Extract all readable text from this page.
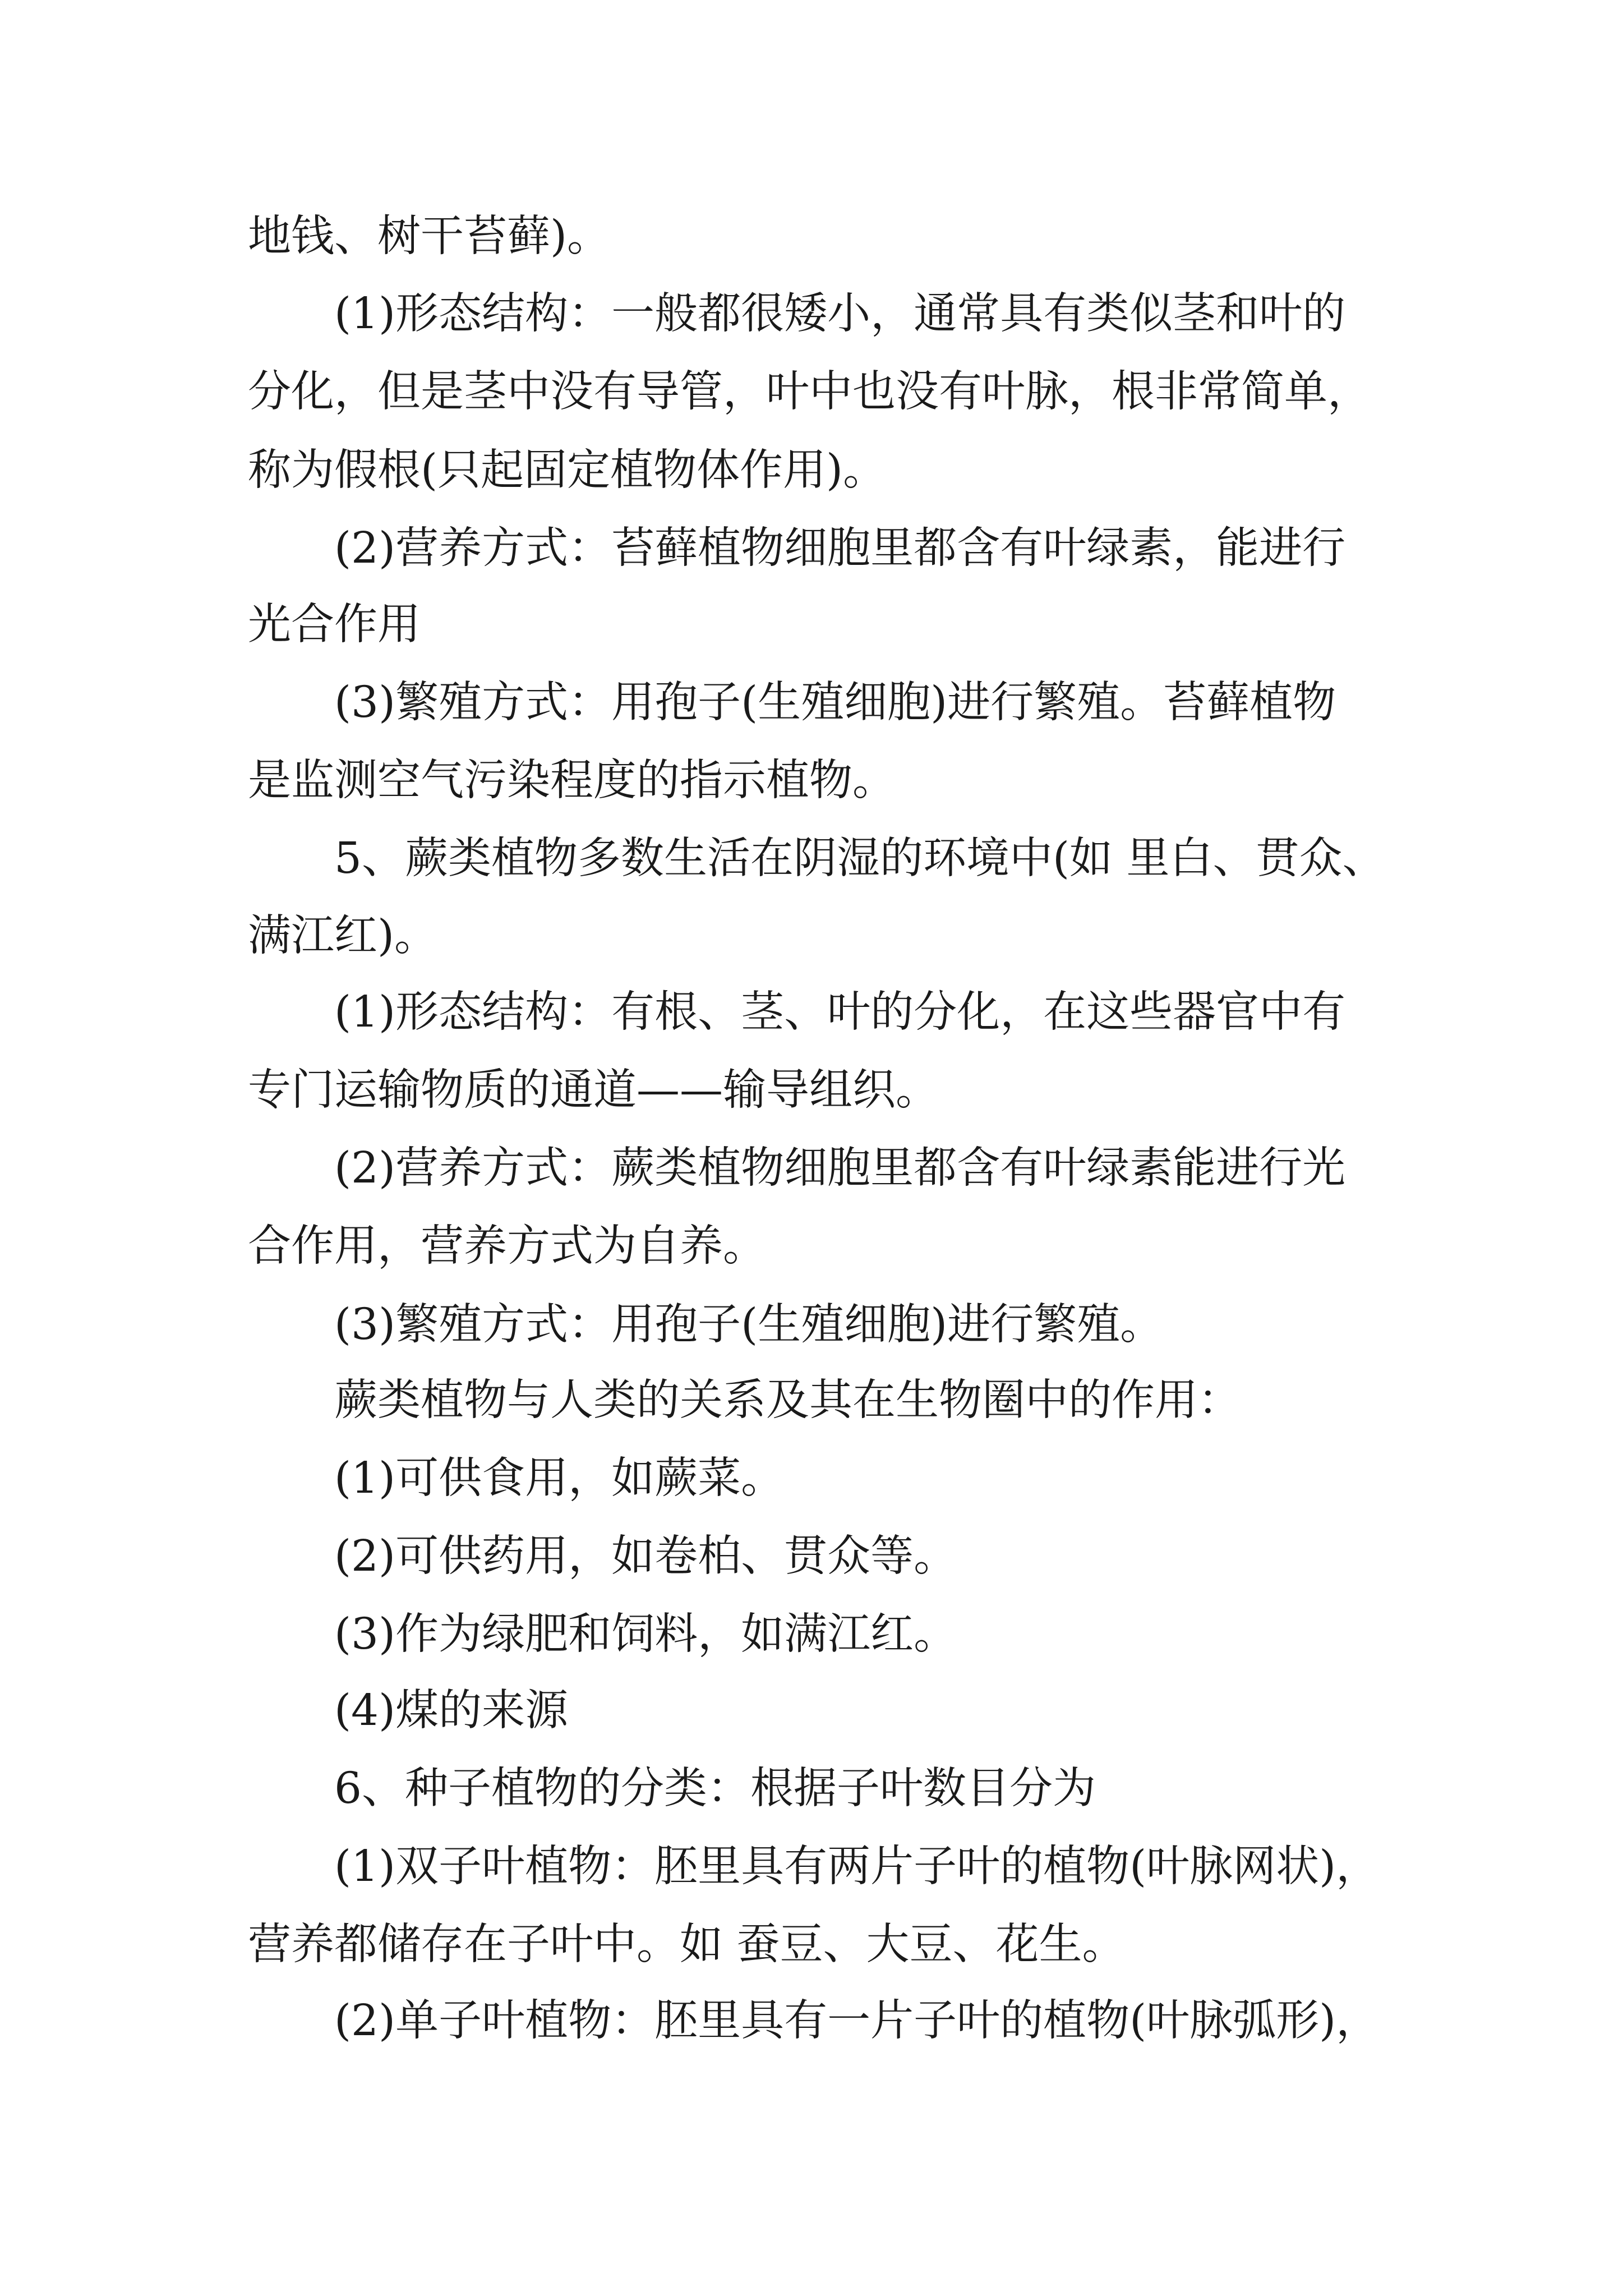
地钱、树干苔藓)。

(1)形态结构：一般都很矮小，通常具有类似茎和叶的

分化，但是茎中没有导管，叶中也没有叶脉，根非常简单，

称为假根(只起固定植物体作用)。

(2)营养方式：苔藓植物细胞里都含有叶绿素，能进行

光合作用

(3)繁殖方式：用孢子(生殖细胞)进行繁殖。苔藓植物

是监测空气污染程度的指示植物。

5、蕨类植物多数生活在阴湿的环境中(如 里白、贯众、

满江红)。

(1)形态结构：有根、茎、叶的分化，在这些器官中有

专门运输物质的通道——输导组织。

(2)营养方式：蕨类植物细胞里都含有叶绿素能进行光

合作用，营养方式为自养。

(3)繁殖方式：用孢子(生殖细胞)进行繁殖。

蕨类植物与人类的关系及其在生物圈中的作用：

(1)可供食用，如蕨菜。

(2)可供药用，如卷柏、贯众等。

(3)作为绿肥和饲料，如满江红。

(4)煤的来源

6、种子植物的分类：根据子叶数目分为

(1)双子叶植物：胚里具有两片子叶的植物(叶脉网状)，

营养都储存在子叶中。如 蚕豆、大豆、花生。

(2)单子叶植物：胚里具有一片子叶的植物(叶脉弧形)，
